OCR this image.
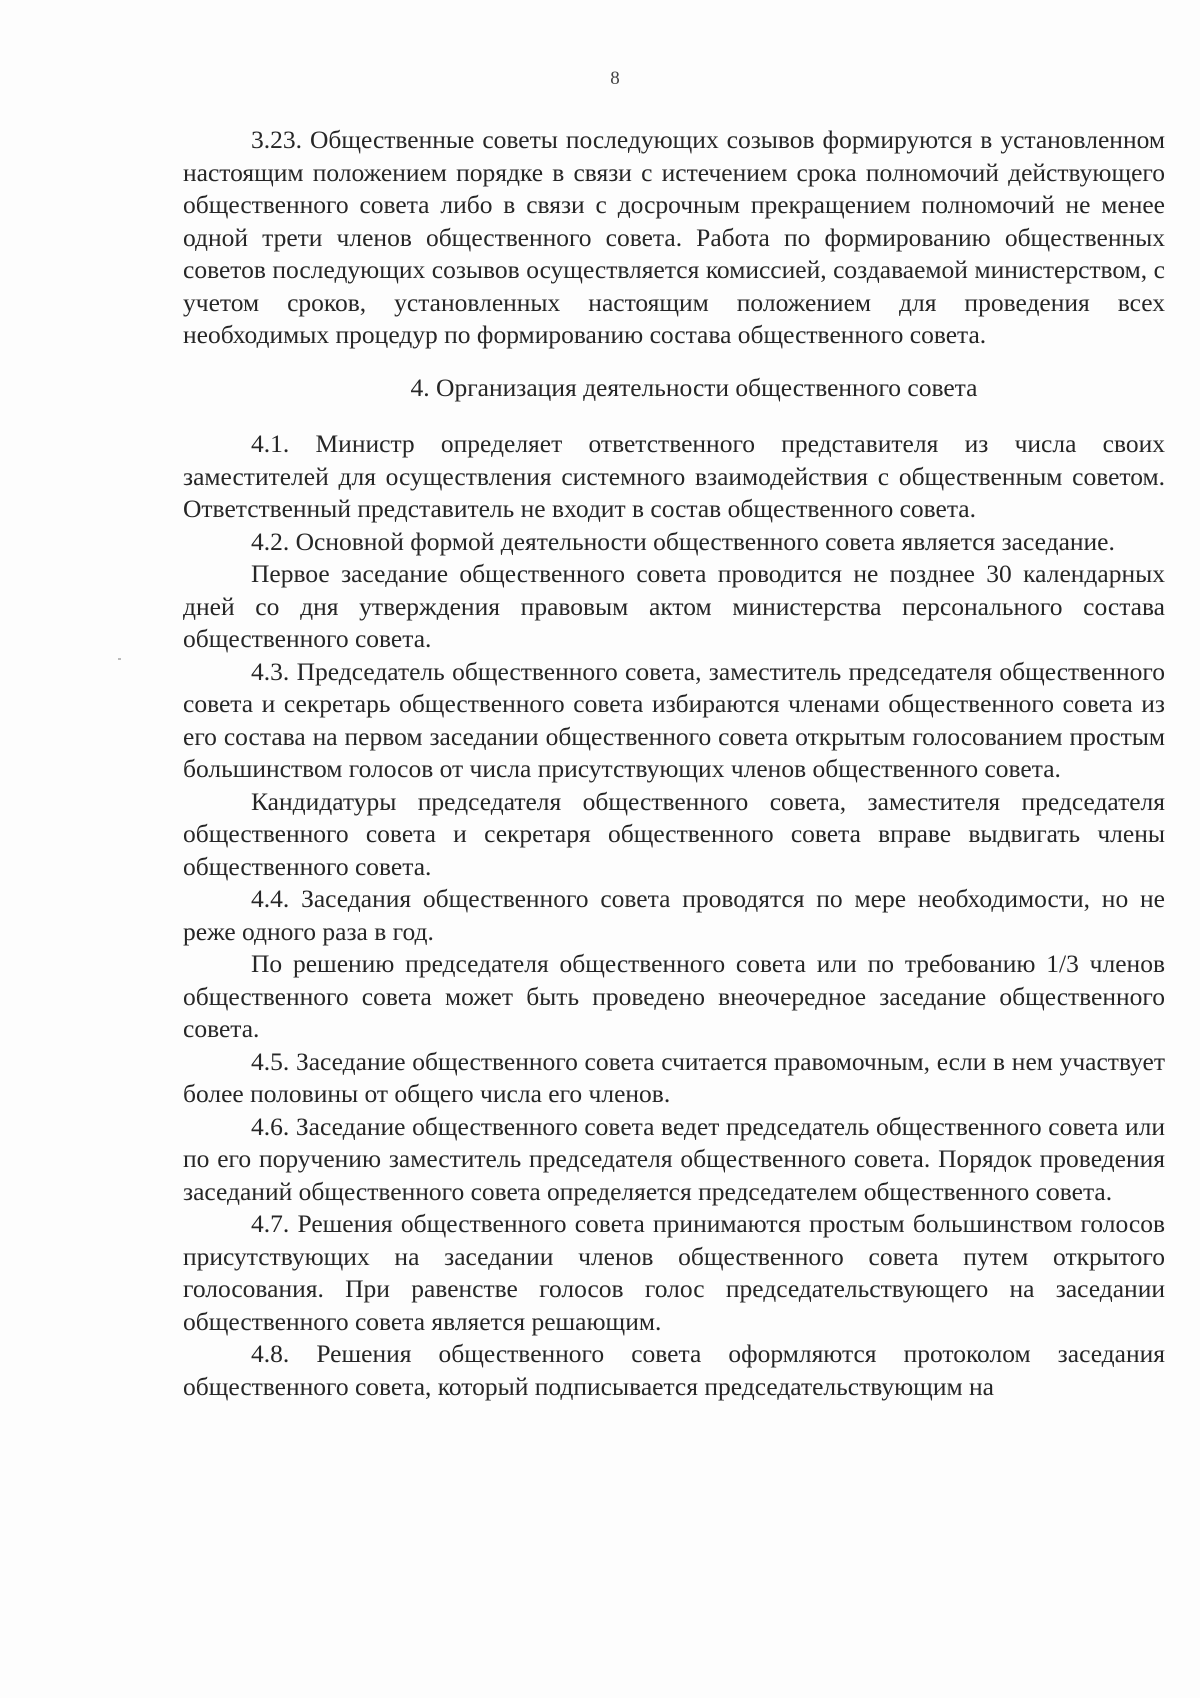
8

3.23. Общественные советы последующих созывов формируются в установленном настоящим положением порядке в связи с истечением срока полномочий действующего общественного совета либо в связи с досрочным прекращением полномочий не менее одной трети членов общественного совета. Работа по формированию общественных советов последующих созывов осуществляется комиссией, создаваемой министерством, с учетом сроков, установленных настоящим положением для проведения всех необходимых процедур по формированию состава общественного совета.

4. Организация деятельности общественного совета

4.1. Министр определяет ответственного представителя из числа своих заместителей для осуществления системного взаимодействия с общественным советом. Ответственный представитель не входит в состав общественного совета.

4.2. Основной формой деятельности общественного совета является заседание.

Первое заседание общественного совета проводится не позднее 30 календарных дней со дня утверждения правовым актом министерства персонального состава общественного совета.

4.3. Председатель общественного совета, заместитель председателя общественного совета и секретарь общественного совета избираются членами общественного совета из его состава на первом заседании общественного совета открытым голосованием простым большинством голосов от числа присутствующих членов общественного совета.

Кандидатуры председателя общественного совета, заместителя председателя общественного совета и секретаря общественного совета вправе выдвигать члены общественного совета.

4.4. Заседания общественного совета проводятся по мере необходимости, но не реже одного раза в год.

По решению председателя общественного совета или по требованию 1/3 членов общественного совета может быть проведено внеочередное заседание общественного совета.

4.5. Заседание общественного совета считается правомочным, если в нем участвует более половины от общего числа его членов.

4.6. Заседание общественного совета ведет председатель общественного совета или по его поручению заместитель председателя общественного совета. Порядок проведения заседаний общественного совета определяется председателем общественного совета.

4.7. Решения общественного совета принимаются простым большинством голосов присутствующих на заседании членов общественного совета путем открытого голосования. При равенстве голосов голос председательствующего на заседании общественного совета является решающим.

4.8. Решения общественного совета оформляются протоколом заседания общественного совета, который подписывается председательствующим на
